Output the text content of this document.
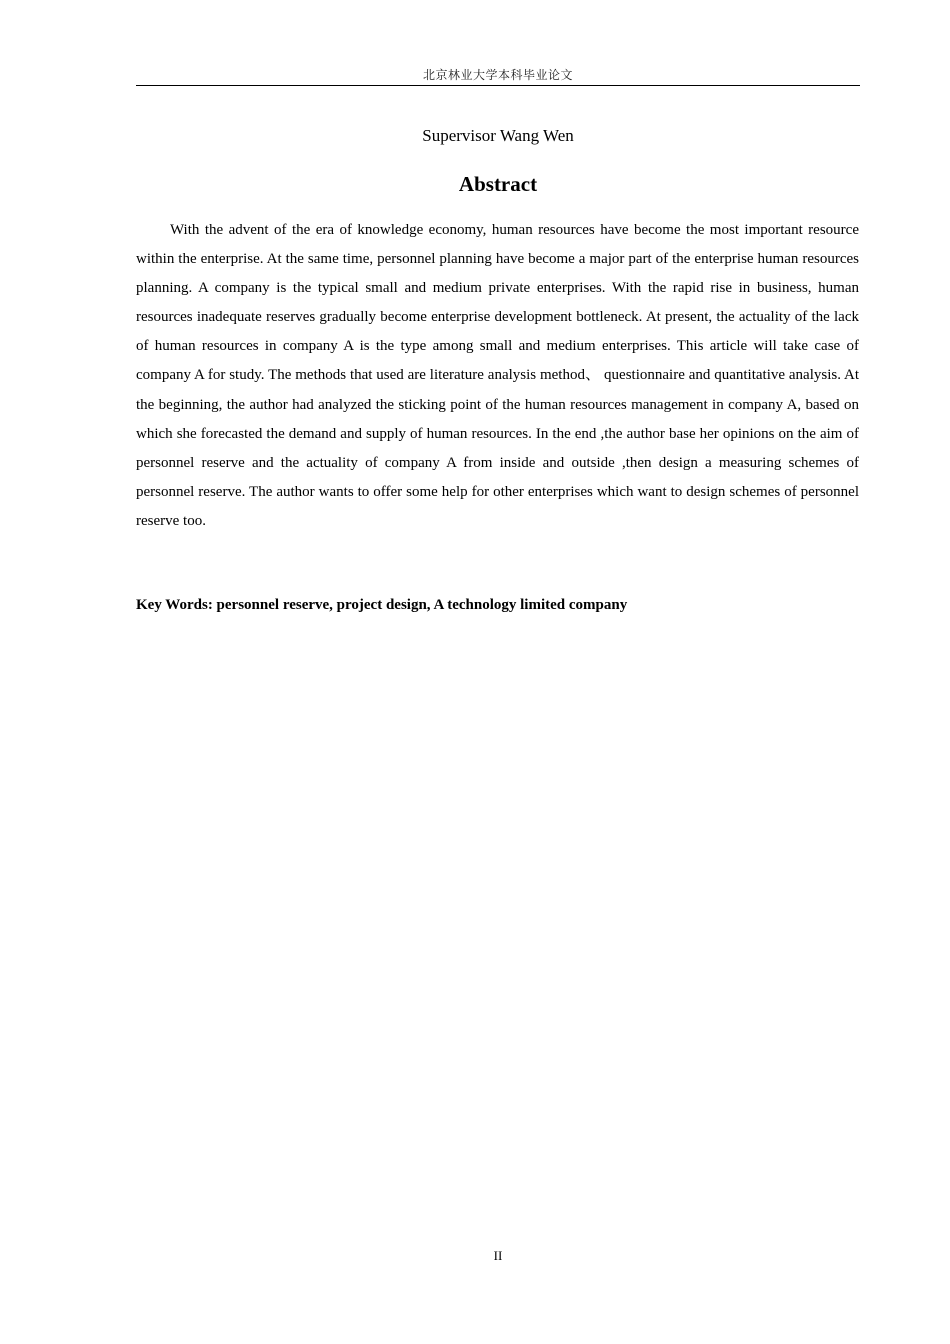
北京林业大学本科毕业论文
Supervisor Wang Wen
Abstract

With the advent of the era of knowledge economy, human resources have become the most important resource within the enterprise. At the same time, personnel planning have become a major part of the enterprise human resources planning. A company is the typical small and medium private enterprises. With the rapid rise in business, human resources inadequate reserves gradually become enterprise development bottleneck. At present, the actuality of the lack of human resources in company A is the type among small and medium enterprises. This article will take case of company A for study. The methods that used are literature analysis method、 questionnaire and quantitative analysis. At the beginning, the author had analyzed the sticking point of the human resources management in company A, based on which she forecasted the demand and supply of human resources. In the end ,the author base her opinions on the aim of personnel reserve and the actuality of company A from inside and outside ,then design a measuring schemes of personnel reserve. The author wants to offer some help for other enterprises which want to design schemes of personnel reserve too.

Key Words: personnel reserve, project design, A technology limited company
II
